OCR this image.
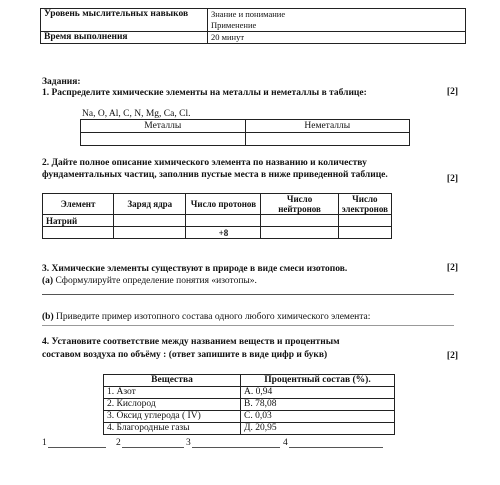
Уровень мыслительных навыков	Знание и понимание
Применение

Время выполнения	20 минут
Задания:
1. Распределите химические элементы на металлы и неметаллы в таблице:	[2]
Na, O, Al, C, N, Mg, Ca, Cl.
Металлы	Неметаллы

2. Дайте полное описание химического элемента по названию и количеству
фундаментальных частиц, заполнив пустые места в ниже приведенной таблице.	[2]
Элемент	Заряд ядра	Число протонов	Число нейтронов	Число электронов
Натрий				
		+8		
3. Химические элементы существуют в природе в виде смеси изотопов.	[2]
(a) Сформулируйте определение понятия «изотопы».
(b) Приведите пример изотопного состава одного любого химического элемента:
4. Установите соответствие между названием веществ и процентным
составом воздуха по объёму : (ответ запишите в виде цифр и букв)	[2]
Вещества	Процентный состав (%).
1. Азот	А. 0,94
2. Кислород	В. 78,08
3. Оксид углерода ( IV)	С. 0,03
4. Благородные газы	Д. 20,95
1	2	3	4
